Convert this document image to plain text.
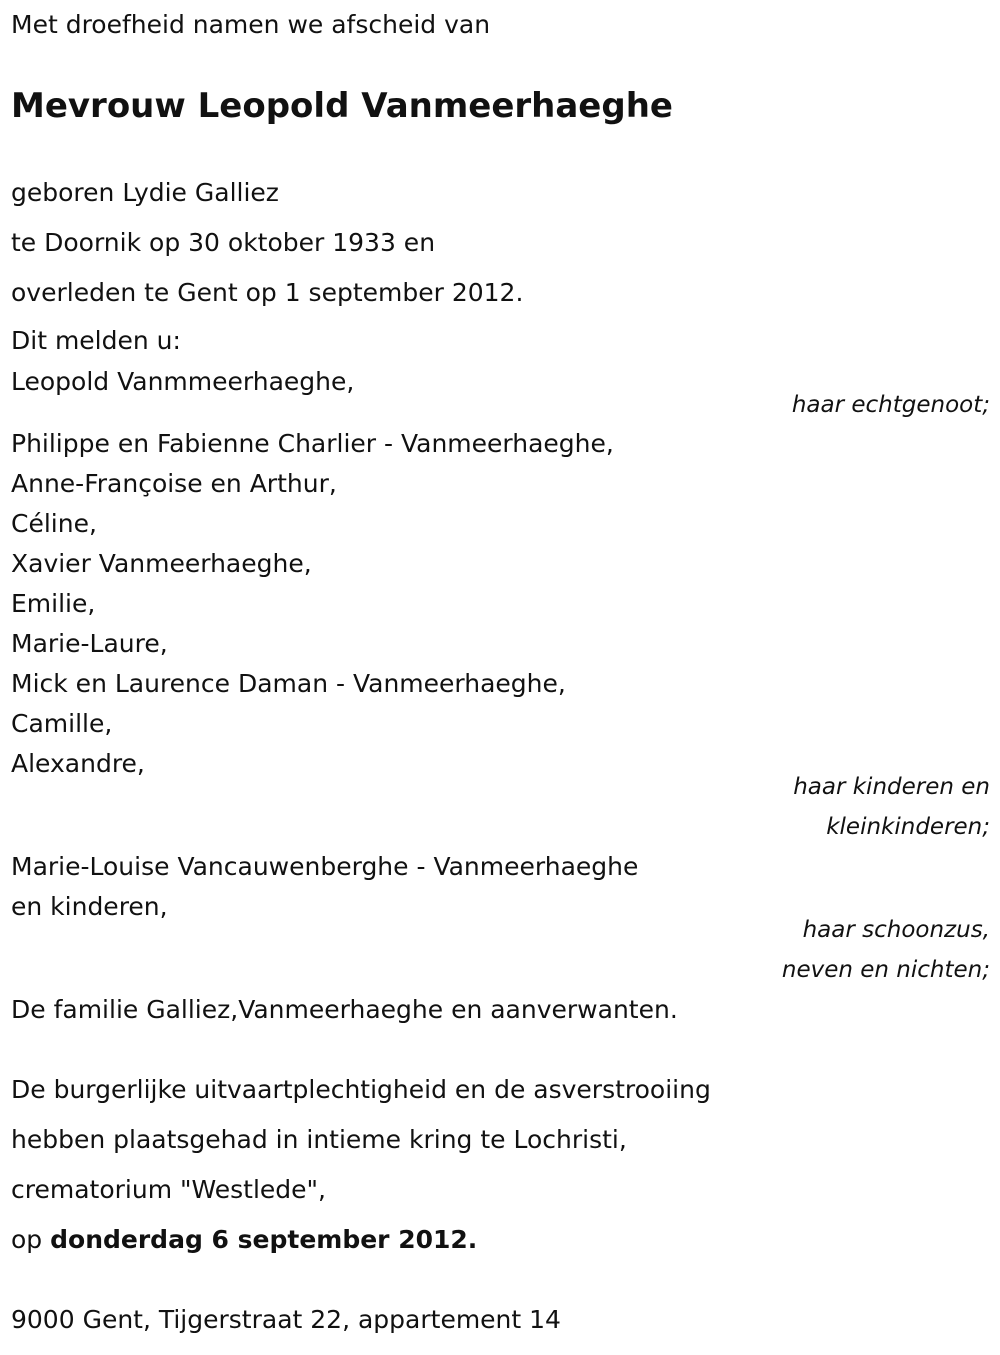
Met droefheid namen we afscheid van
Mevrouw Leopold Vanmeerhaeghe
geboren Lydie Galliez
te Doornik op 30 oktober 1933 en
overleden te Gent op 1 september 2012.
Dit melden u:
Leopold Vanmmeerhaeghe,
haar echtgenoot;
Philippe en Fabienne Charlier - Vanmeerhaeghe,
Anne-Françoise en Arthur,
Céline,
Xavier Vanmeerhaeghe,
Emilie,
Marie-Laure,
Mick en Laurence Daman - Vanmeerhaeghe,
Camille,
Alexandre,
haar kinderen en
kleinkinderen;
Marie-Louise Vancauwenberghe - Vanmeerhaeghe
en kinderen,
haar schoonzus,
neven en nichten;
De familie Galliez,Vanmeerhaeghe en aanverwanten.
De burgerlijke uitvaartplechtigheid en de asverstrooiing
hebben plaatsgehad in intieme kring te Lochristi,
crematorium "Westlede",
op donderdag 6 september 2012.
9000 Gent, Tijgerstraat 22, appartement 14
